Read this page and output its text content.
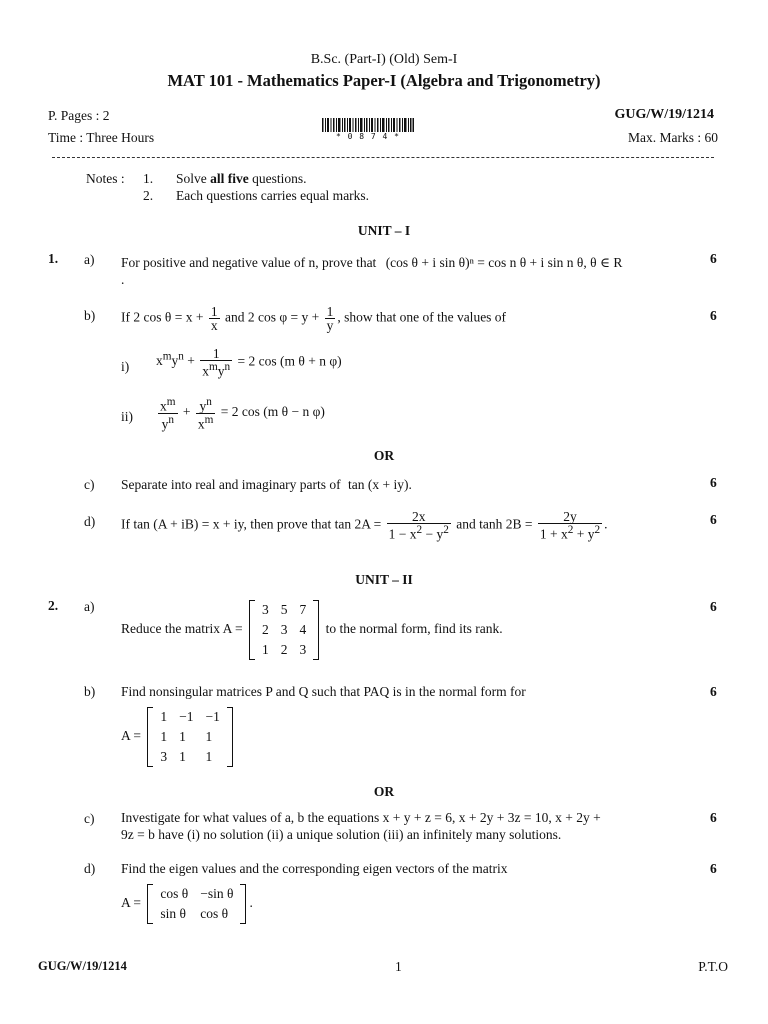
B.Sc. (Part-I) (Old) Sem-I
MAT 101 - Mathematics Paper-I (Algebra and Trigonometry)
P. Pages : 2	GUG/W/19/1214
Time : Three Hours	Max. Marks : 60
* 0 8 7 4 *
Notes : 1. Solve all five questions.
2. Each questions carries equal marks.
UNIT – I
1. a) For positive and negative value of n, prove that (cos θ + i sin θ)ⁿ = cos n θ + i sin n θ, θ ∈ R
.
6
b) If 2 $\cos \theta = x + \frac{1}{x}$ and 2 $\cos \varphi = y + \frac{1}{y}$ , show that one of the values of	6
i) $x^my^n + \frac{1}{x^my^n} = 2$ cos (m θ + n φ)
$ii) \frac{x^m}{y^n} + \frac{y^n}{x^m} = 2$ cos (m θ − n φ)
OR
c) Separate into real and imaginary parts of tan (x + iy).	6
d) If tan (A + iB) = x + iy, then prove that $\tan 2A = \frac{2x}{1 - x^2 - y^2}$ and $\tanh 2B = \frac{2y}{1 + x^2 + y^2}$ .	6
UNIT – II
2. a)
Reduce the matrix A =
3	5	7
2	3	4
1	2	3
to the normal form, find its rank.
6
b) Find nonsingular matrices P and Q such that PAQ is in the normal form for	6
A =
1	−1	−1
1	1	1
3	1	1
OR
c) Investigate for what values of a, b the equations x + y + z = 6, x + 2y + 3z = 10, x + 2y +
9z = b have (i) no solution (ii) a unique solution (iii) an infinitely many solutions.
6
d) Find the eigen values and the corresponding eigen vectors of the matrix	6
A =
cos θ	−sin θ
sin θ	cos θ
.
GUG/W/19/1214	1	P.T.O
